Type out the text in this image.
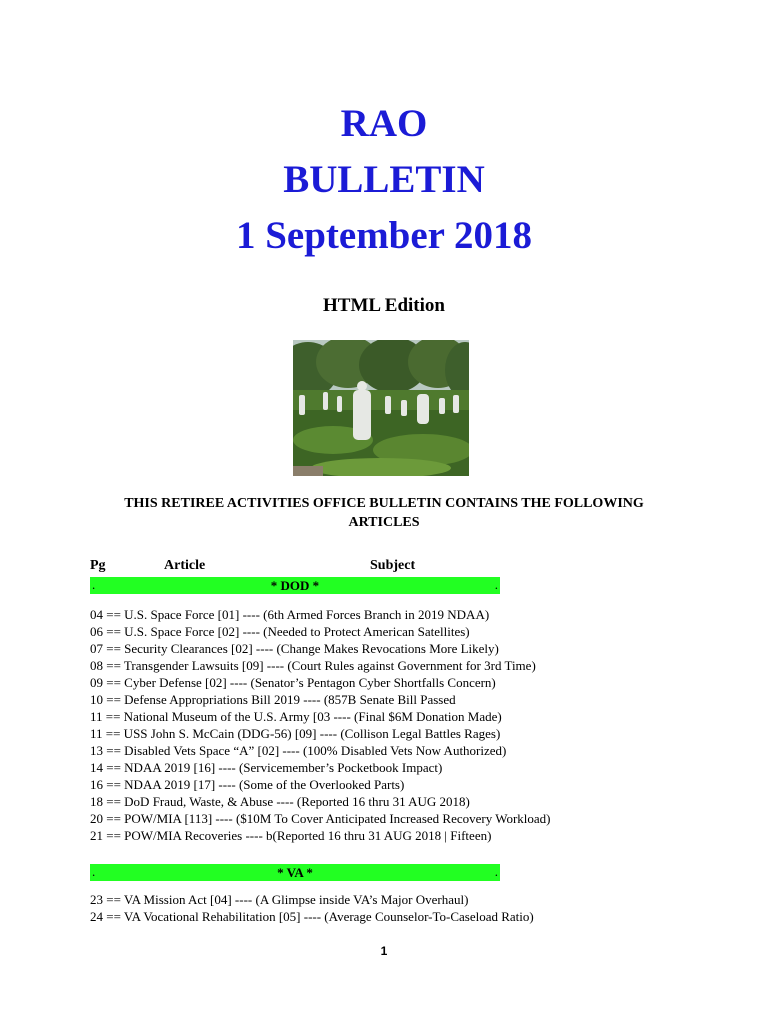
RAO
BULLETIN
1 September 2018
HTML Edition
THIS RETIREE ACTIVITIES OFFICE BULLETIN CONTAINS THE FOLLOWING ARTICLES
Pg	Article	Subject
.	* DOD *	.
04 == U.S. Space Force [01] ---- (6th Armed Forces Branch in 2019 NDAA)
06 == U.S. Space Force [02] ---- (Needed to Protect American Satellites)
07 == Security Clearances [02] ---- (Change Makes Revocations More Likely)
08 == Transgender Lawsuits [09] ---- (Court Rules against Government for 3rd Time)
09 == Cyber Defense [02] ---- (Senator’s Pentagon Cyber Shortfalls Concern)
10 == Defense Appropriations Bill 2019 ---- (857B Senate Bill Passed
11 == National Museum of the U.S. Army [03 ---- (Final $6M Donation Made)
11 == USS John S. McCain (DDG-56) [09] ---- (Collison Legal Battles Rages)
13 == Disabled Vets Space “A” [02] ---- (100% Disabled Vets Now Authorized)
14 == NDAA 2019 [16] ---- (Servicemember’s Pocketbook Impact)
16 == NDAA 2019 [17] ---- (Some of the Overlooked Parts)
18 == DoD Fraud, Waste, & Abuse ---- (Reported 16 thru 31 AUG 2018)
20 == POW/MIA [113] ---- ($10M To Cover Anticipated Increased Recovery Workload)
21 == POW/MIA Recoveries ---- b(Reported 16 thru 31 AUG 2018 | Fifteen)
.	* VA *	.
23 == VA Mission Act [04] ---- (A Glimpse inside VA’s Major Overhaul)
24 == VA Vocational Rehabilitation [05] ---- (Average Counselor-To-Caseload Ratio)
1
